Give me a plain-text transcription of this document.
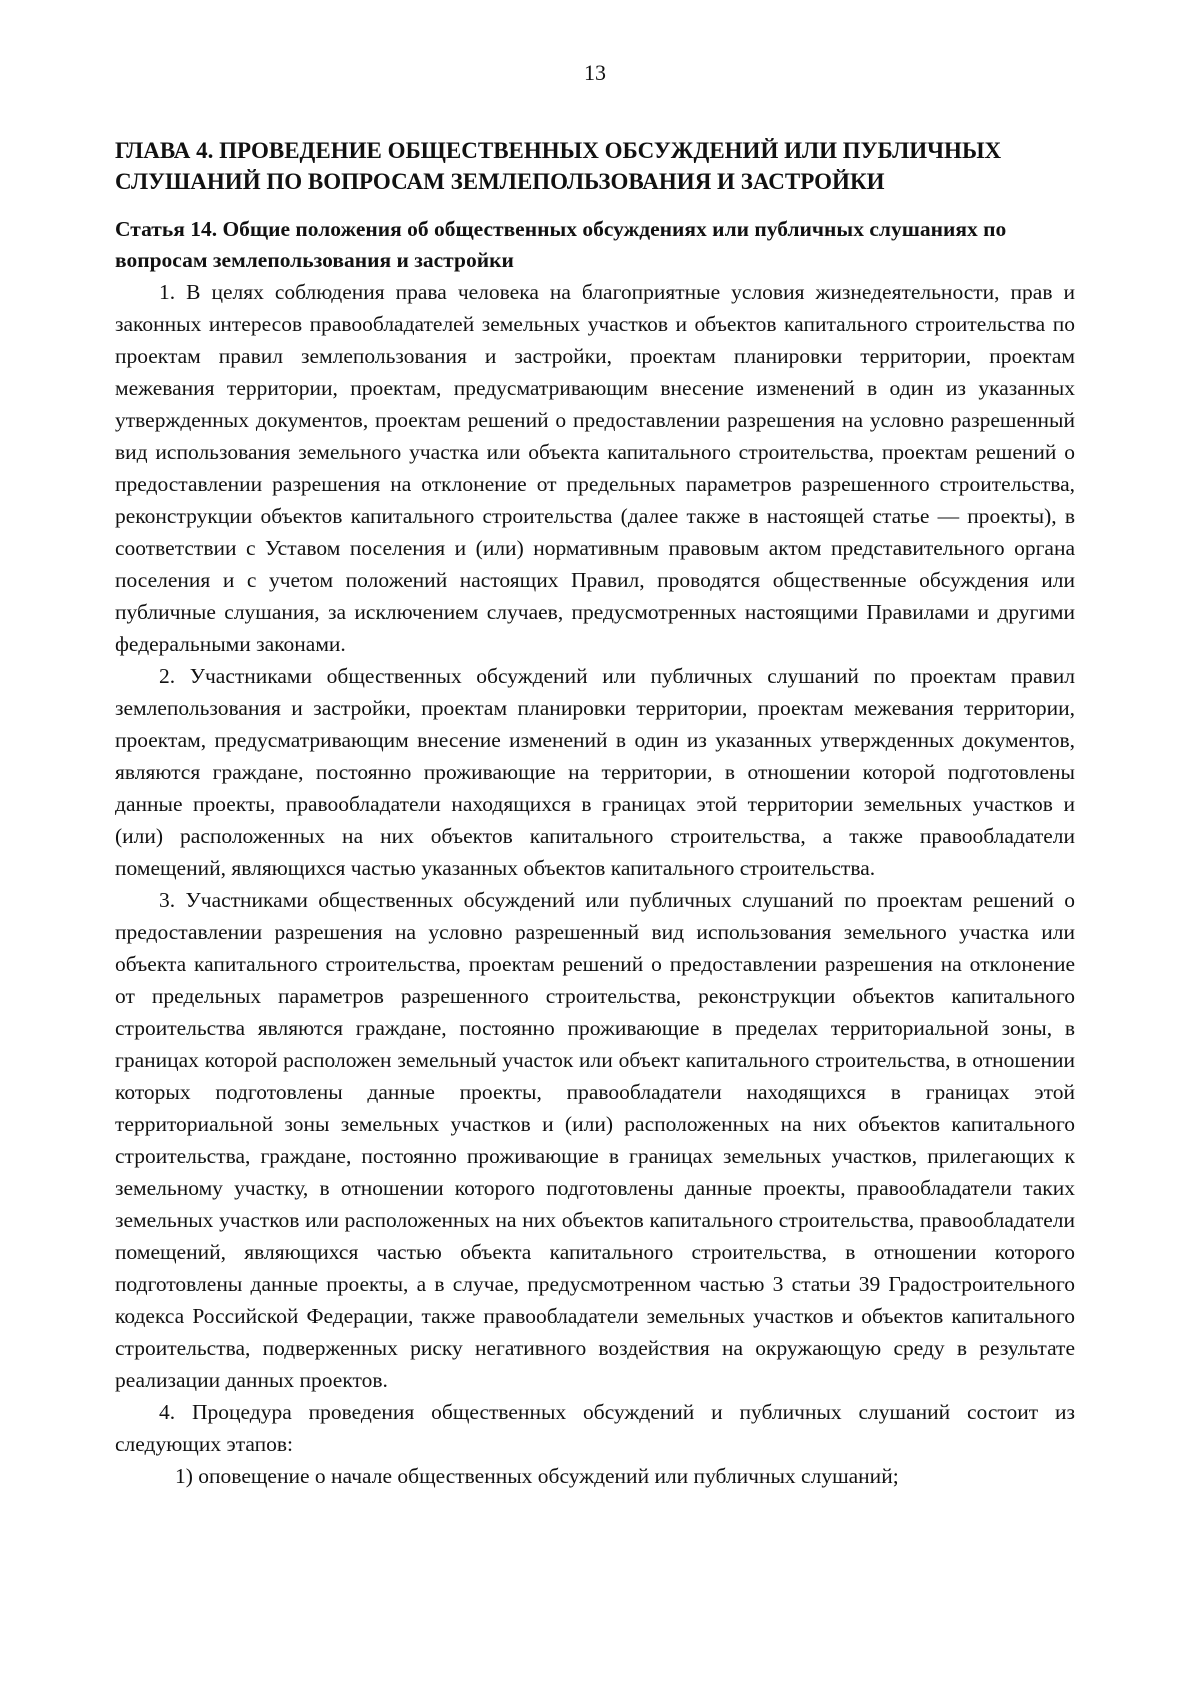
13
ГЛАВА 4. ПРОВЕДЕНИЕ ОБЩЕСТВЕННЫХ ОБСУЖДЕНИЙ ИЛИ ПУБЛИЧНЫХ СЛУШАНИЙ ПО ВОПРОСАМ ЗЕМЛЕПОЛЬЗОВАНИЯ И ЗАСТРОЙКИ
Статья 14. Общие положения об общественных обсуждениях или публичных слушаниях по вопросам землепользования и застройки

1. В целях соблюдения права человека на благоприятные условия жизнедеятельности, прав и законных интересов правообладателей земельных участков и объектов капитального строительства по проектам правил землепользования и застройки, проектам планировки территории, проектам межевания территории, проектам, предусматривающим внесение изменений в один из указанных утвержденных документов, проектам решений о предоставлении разрешения на условно разрешенный вид использования земельного участка или объекта капитального строительства, проектам решений о предоставлении разрешения на отклонение от предельных параметров разрешенного строительства, реконструкции объектов капитального строительства (далее также в настоящей статье — проекты), в соответствии с Уставом поселения и (или) нормативным правовым актом представительного органа поселения и с учетом положений настоящих Правил, проводятся общественные обсуждения или публичные слушания, за исключением случаев, предусмотренных настоящими Правилами и другими федеральными законами.

2. Участниками общественных обсуждений или публичных слушаний по проектам правил землепользования и застройки, проектам планировки территории, проектам межевания территории, проектам, предусматривающим внесение изменений в один из указанных утвержденных документов, являются граждане, постоянно проживающие на территории, в отношении которой подготовлены данные проекты, правообладатели находящихся в границах этой территории земельных участков и (или) расположенных на них объектов капитального строительства, а также правообладатели помещений, являющихся частью указанных объектов капитального строительства.

3. Участниками общественных обсуждений или публичных слушаний по проектам решений о предоставлении разрешения на условно разрешенный вид использования земельного участка или объекта капитального строительства, проектам решений о предоставлении разрешения на отклонение от предельных параметров разрешенного строительства, реконструкции объектов капитального строительства являются граждане, постоянно проживающие в пределах территориальной зоны, в границах которой расположен земельный участок или объект капитального строительства, в отношении которых подготовлены данные проекты, правообладатели находящихся в границах этой территориальной зоны земельных участков и (или) расположенных на них объектов капитального строительства, граждане, постоянно проживающие в границах земельных участков, прилегающих к земельному участку, в отношении которого подготовлены данные проекты, правообладатели таких земельных участков или расположенных на них объектов капитального строительства, правообладатели помещений, являющихся частью объекта капитального строительства, в отношении которого подготовлены данные проекты, а в случае, предусмотренном частью 3 статьи 39 Градостроительного кодекса Российской Федерации, также правообладатели земельных участков и объектов капитального строительства, подверженных риску негативного воздействия на окружающую среду в результате реализации данных проектов.

4. Процедура проведения общественных обсуждений и публичных слушаний состоит из следующих этапов:

1) оповещение о начале общественных обсуждений или публичных слушаний;
